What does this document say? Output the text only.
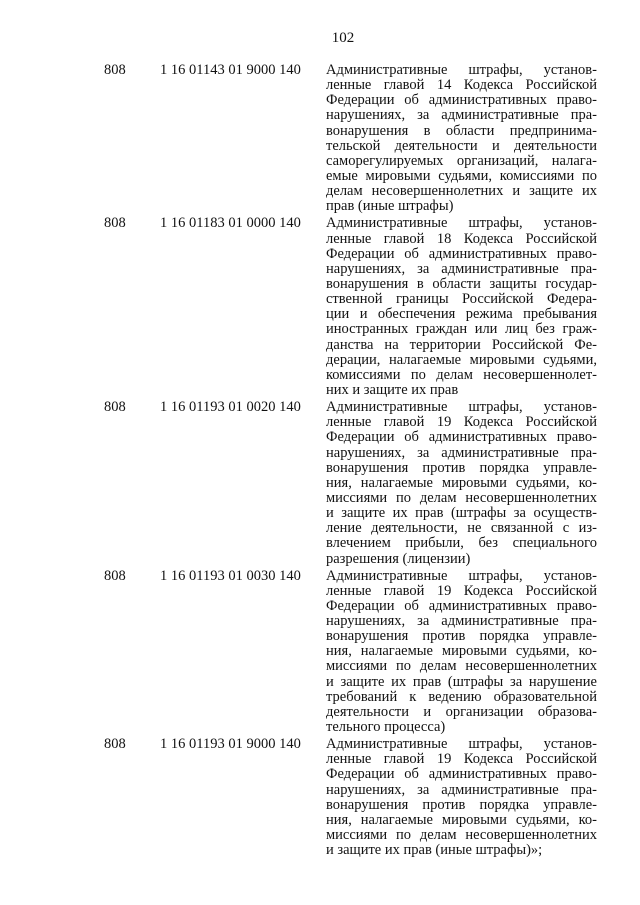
102
808 1 16 01143 01 9000 140 Административные штрафы, установ-
ленные главой 14 Кодекса Российской
Федерации об административных право-
нарушениях, за административные пра-
вонарушения в области предпринима-
тельской деятельности и деятельности
саморегулируемых организаций, налага-
емые мировыми судьями, комиссиями по
делам несовершеннолетних и защите их
прав (иные штрафы)
808 1 16 01183 01 0000 140 Административные штрафы, установ-
ленные главой 18 Кодекса Российской
Федерации об административных право-
нарушениях, за административные пра-
вонарушения в области защиты государ-
ственной границы Российской Федера-
ции и обеспечения режима пребывания
иностранных граждан или лиц без граж-
данства на территории Российской Фе-
дерации, налагаемые мировыми судьями,
комиссиями по делам несовершеннолет-
них и защите их прав
808 1 16 01193 01 0020 140 Административные штрафы, установ-
ленные главой 19 Кодекса Российской
Федерации об административных право-
нарушениях, за административные пра-
вонарушения против порядка управле-
ния, налагаемые мировыми судьями, ко-
миссиями по делам несовершеннолетних
и защите их прав (штрафы за осуществ-
ление деятельности, не связанной с из-
влечением прибыли, без специального
разрешения (лицензии)
808 1 16 01193 01 0030 140 Административные штрафы, установ-
ленные главой 19 Кодекса Российской
Федерации об административных право-
нарушениях, за административные пра-
вонарушения против порядка управле-
ния, налагаемые мировыми судьями, ко-
миссиями по делам несовершеннолетних
и защите их прав (штрафы за нарушение
требований к ведению образовательной
деятельности и организации образова-
тельного процесса)
808 1 16 01193 01 9000 140 Административные штрафы, установ-
ленные главой 19 Кодекса Российской
Федерации об административных право-
нарушениях, за административные пра-
вонарушения против порядка управле-
ния, налагаемые мировыми судьями, ко-
миссиями по делам несовершеннолетних
и защите их прав (иные штрафы)»;
